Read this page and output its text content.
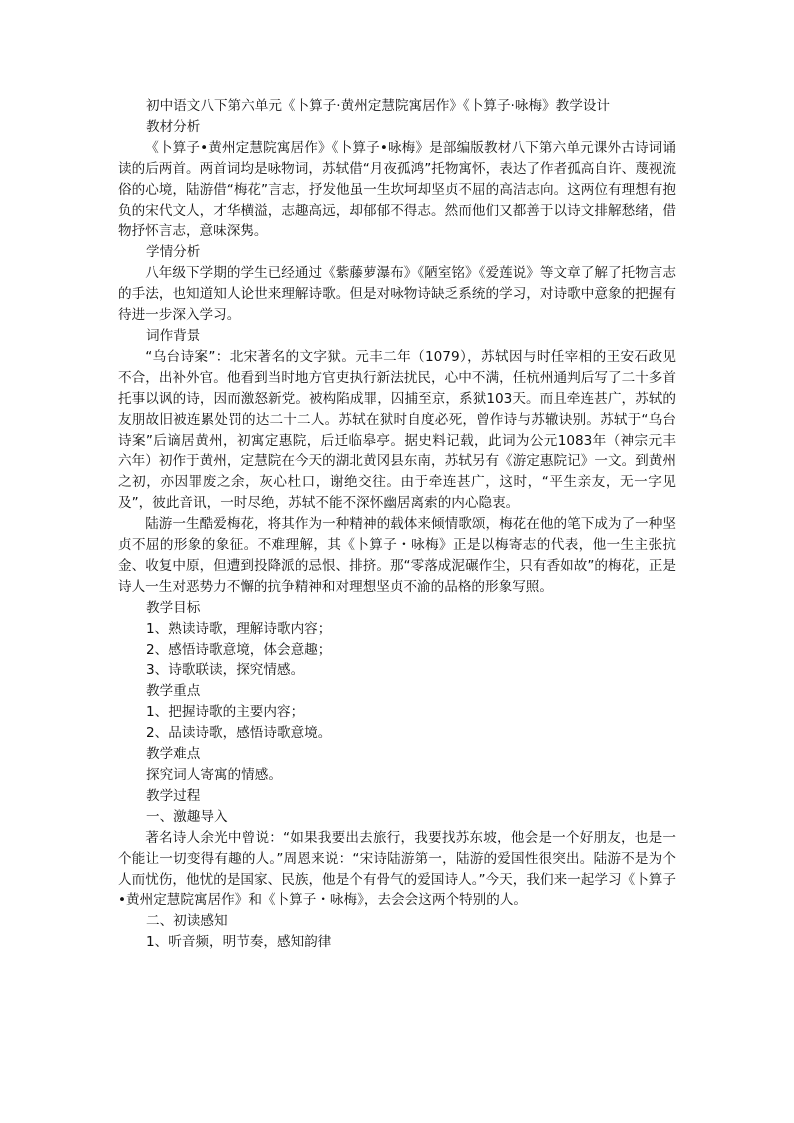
初中语文八下第六单元《卜算子·黄州定慧院寓居作》《卜算子·咏梅》教学设计
教材分析

《卜算子•黄州定慧院寓居作》《卜算子•咏梅》是部编版教材八下第六单元课外古诗词诵读的后两首。两首词均是咏物词，苏轼借“月夜孤鸿”托物寓怀，表达了作者孤高自许、蔑视流俗的心境，陆游借“梅花”言志，抒发他虽一生坎坷却坚贞不屈的高洁志向。这两位有理想有抱负的宋代文人，才华横溢，志趣高远，却郁郁不得志。然而他们又都善于以诗文排解愁绪，借物抒怀言志，意味深隽。

学情分析

八年级下学期的学生已经通过《紫藤萝瀑布》《陋室铭》《爱莲说》等文章了解了托物言志的手法，也知道知人论世来理解诗歌。但是对咏物诗缺乏系统的学习，对诗歌中意象的把握有待进一步深入学习。

词作背景

“乌台诗案”：北宋著名的文字狱。元丰二年（1079），苏轼因与时任宰相的王安石政见不合，出补外官。他看到当时地方官吏执行新法扰民，心中不满，任杭州通判后写了二十多首托事以讽的诗，因而激怒新党。被构陷成罪，囚捕至京，系狱103天。而且牵连甚广，苏轼的友朋故旧被连累处罚的达二十二人。苏轼在狱时自度必死，曾作诗与苏辙诀别。苏轼于“乌台诗案”后谪居黄州，初寓定惠院，后迁临皋亭。据史料记载，此词为公元1083年（神宗元丰六年）初作于黄州，定慧院在今天的湖北黄冈县东南，苏轼另有《游定惠院记》一文。到黄州之初，亦因罪废之余，灰心杜口，谢绝交往。由于牵连甚广，这时，“平生亲友，无一字见及”，彼此音讯，一时尽绝，苏轼不能不深怀幽居离索的内心隐衷。

陆游一生酷爱梅花，将其作为一种精神的载体来倾情歌颂，梅花在他的笔下成为了一种坚贞不屈的形象的象征。不难理解，其《卜算子・咏梅》正是以梅寄志的代表，他一生主张抗金、收复中原，但遭到投降派的忌恨、排挤。那“零落成泥碾作尘，只有香如故”的梅花，正是诗人一生对恶势力不懈的抗争精神和对理想坚贞不渝的品格的形象写照。

教学目标
1、熟读诗歌，理解诗歌内容；
2、感悟诗歌意境，体会意趣；
3、诗歌联读，探究情感。
教学重点
1、把握诗歌的主要内容；
2、品读诗歌，感悟诗歌意境。
教学难点
探究词人寄寓的情感。
教学过程
一、激趣导入

著名诗人余光中曾说：“如果我要出去旅行，我要找苏东坡，他会是一个好朋友，也是一个能让一切变得有趣的人。”周恩来说：“宋诗陆游第一，陆游的爱国性很突出。陆游不是为个人而忧伤，他忧的是国家、民族，他是个有骨气的爱国诗人。”今天，我们来一起学习《卜算子•黄州定慧院寓居作》和《卜算子・咏梅》，去会会这两个特别的人。

二、初读感知
1、听音频，明节奏，感知韵律
